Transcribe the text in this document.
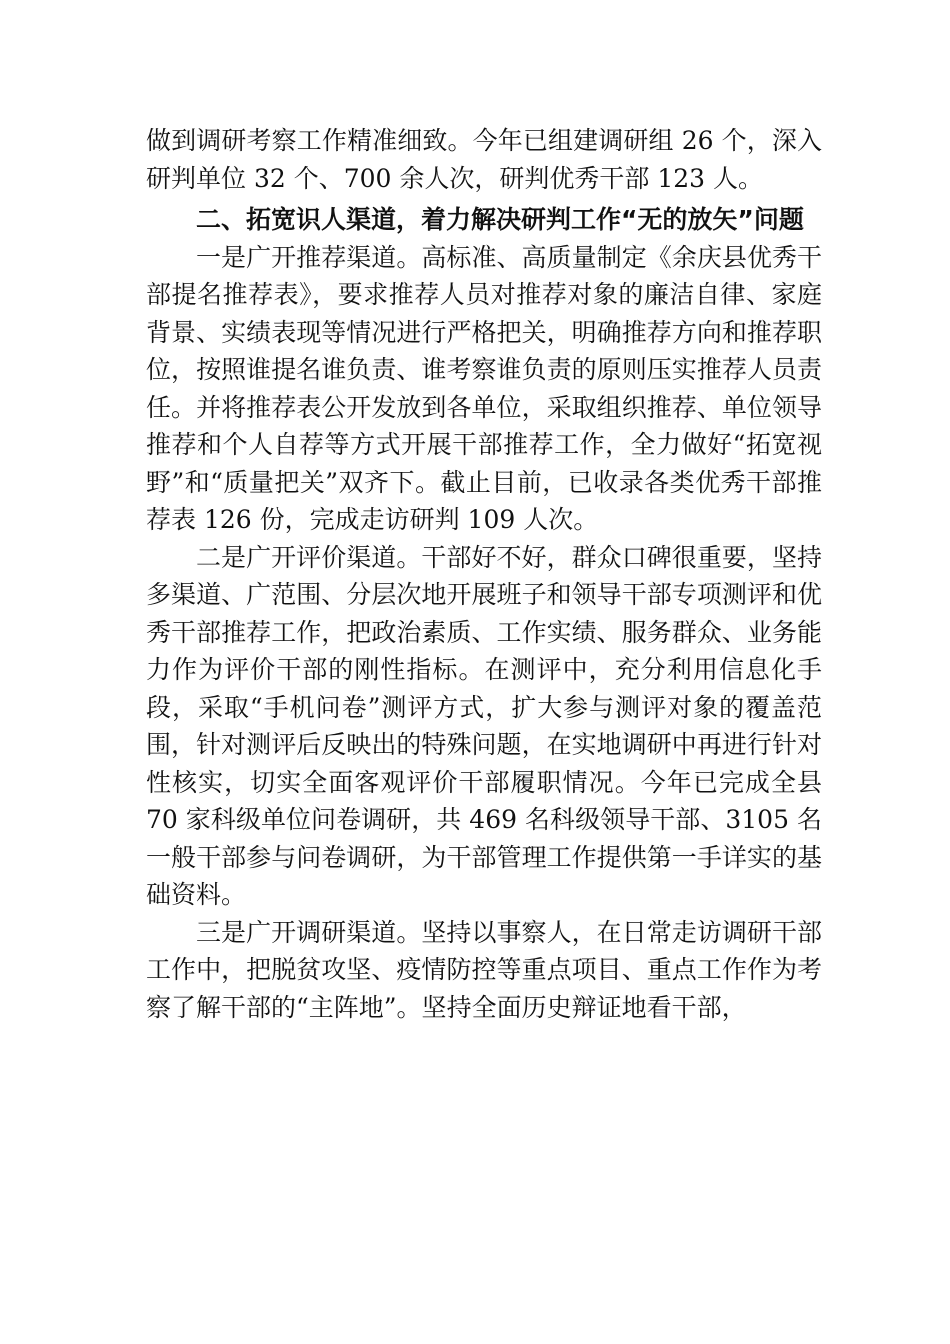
做到调研考察工作精准细致。今年已组建调研组 26 个，深入研判单位 32 个、700 余人次，研判优秀干部 123 人。

二、拓宽识人渠道，着力解决研判工作“无的放矢”问题

一是广开推荐渠道。高标准、高质量制定《余庆县优秀干部提名推荐表》，要求推荐人员对推荐对象的廉洁自律、家庭背景、实绩表现等情况进行严格把关，明确推荐方向和推荐职位，按照谁提名谁负责、谁考察谁负责的原则压实推荐人员责任。并将推荐表公开发放到各单位，采取组织推荐、单位领导推荐和个人自荐等方式开展干部推荐工作，全力做好“拓宽视野”和“质量把关”双齐下。截止目前，已收录各类优秀干部推荐表 126 份，完成走访研判 109 人次。

二是广开评价渠道。干部好不好，群众口碑很重要，坚持多渠道、广范围、分层次地开展班子和领导干部专项测评和优秀干部推荐工作，把政治素质、工作实绩、服务群众、业务能力作为评价干部的刚性指标。在测评中，充分利用信息化手段，采取“手机问卷”测评方式，扩大参与测评对象的覆盖范围，针对测评后反映出的特殊问题，在实地调研中再进行针对性核实，切实全面客观评价干部履职情况。今年已完成全县 70 家科级单位问卷调研，共 469 名科级领导干部、3105 名一般干部参与问卷调研，为干部管理工作提供第一手详实的基础资料。

三是广开调研渠道。坚持以事察人，在日常走访调研干部工作中，把脱贫攻坚、疫情防控等重点项目、重点工作作为考察了解干部的“主阵地”。坚持全面历史辩证地看干部，
